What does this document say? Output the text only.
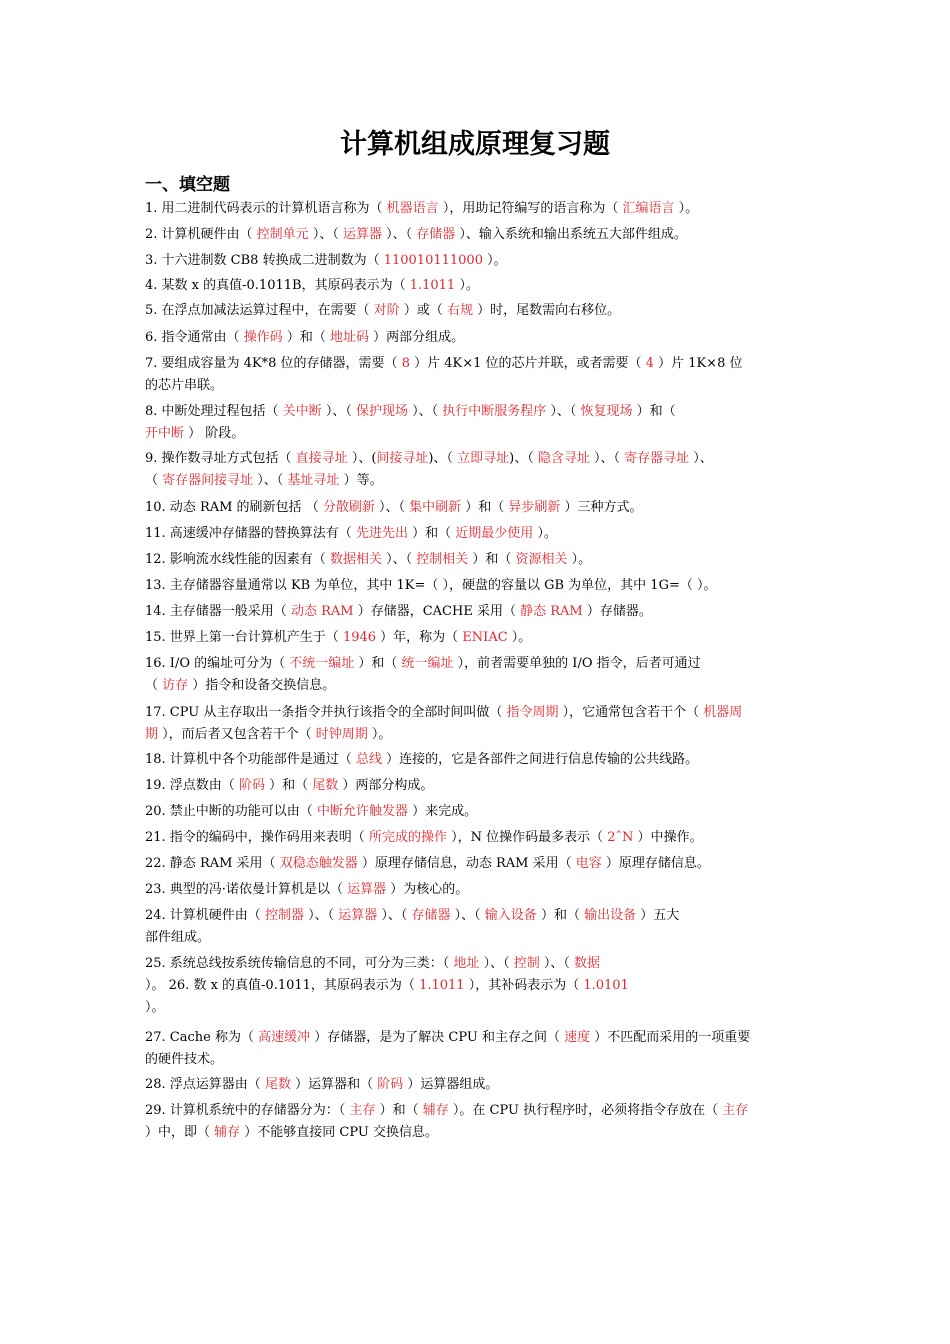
计算机组成原理复习题
一、填空题
1. 用二进制代码表示的计算机语言称为（ 机器语言 ），用助记符编写的语言称为（ 汇编语言 ）。
2. 计算机硬件由（ 控制单元 ）、（ 运算器 ）、（ 存储器 ）、输入系统和输出系统五大部件组成。
3. 十六进制数 CB8 转换成二进制数为（ 110010111000 ）。
4. 某数 x 的真值-0.1011B，其原码表示为（ 1.1011 ）。
5. 在浮点加减法运算过程中，在需要（ 对阶 ）或（ 右规 ）时，尾数需向右移位。
6. 指令通常由（ 操作码 ）和（ 地址码 ）两部分组成。
7. 要组成容量为 4K*8 位的存储器，需要（ 8 ）片 4K×1 位的芯片并联，或者需要（ 4 ）片 1K×8 位
的芯片串联。
8. 中断处理过程包括（ 关中断 ）、（ 保护现场 ）、（ 执行中断服务程序 ）、（ 恢复现场 ）和（
开中断 ） 阶段。
9. 操作数寻址方式包括（ 直接寻址 ）、(间接寻址)、（ 立即寻址)、（ 隐含寻址 ）、（ 寄存器寻址 ）、
（ 寄存器间接寻址 ）、（ 基址寻址 ）等。
10. 动态 RAM 的刷新包括 （ 分散刷新 ）、（ 集中刷新 ）和（ 异步刷新 ）三种方式。
11. 高速缓冲存储器的替换算法有（ 先进先出 ）和（ 近期最少使用 ）。
12. 影响流水线性能的因素有（ 数据相关 ）、（ 控制相关 ）和（ 资源相关 ）。
13. 主存储器容量通常以 KB 为单位，其中 1K=（ ），硬盘的容量以 GB 为单位，其中 1G=（ ）。
14. 主存储器一般采用（ 动态 RAM ）存储器，CACHE 采用（ 静态 RAM ）存储器。
15. 世界上第一台计算机产生于（ 1946 ）年，称为（ ENIAC ）。
16. I/O 的编址可分为（ 不统一编址 ）和（ 统一编址 ），前者需要单独的 I/O 指令，后者可通过
（ 访存 ）指令和设备交换信息。
17. CPU 从主存取出一条指令并执行该指令的全部时间叫做（ 指令周期 ），它通常包含若干个（ 机器周
期 ），而后者又包含若干个（ 时钟周期 ）。
18. 计算机中各个功能部件是通过（ 总线 ）连接的，它是各部件之间进行信息传输的公共线路。
19. 浮点数由（ 阶码 ）和（ 尾数 ）两部分构成。
20. 禁止中断的功能可以由（ 中断允许触发器 ）来完成。
21. 指令的编码中，操作码用来表明（ 所完成的操作 ），N 位操作码最多表示（ 2ˆN ）中操作。
22. 静态 RAM 采用（ 双稳态触发器 ）原理存储信息，动态 RAM 采用（ 电容 ）原理存储信息。
23. 典型的冯·诺依曼计算机是以（ 运算器 ）为核心的。
24. 计算机硬件由（ 控制器 ）、（ 运算器 ）、（ 存储器 ）、（ 输入设备 ）和（ 输出设备 ）五大
部件组成。
25. 系统总线按系统传输信息的不同，可分为三类：（ 地址 ）、（ 控制 ）、（ 数据
）。 26. 数 x 的真值-0.1011，其原码表示为（ 1.1011 ），其补码表示为（ 1.0101
）。
27. Cache 称为（ 高速缓冲 ）存储器，是为了解决 CPU 和主存之间（ 速度 ）不匹配而采用的一项重要
的硬件技术。
28. 浮点运算器由（ 尾数 ）运算器和（ 阶码 ）运算器组成。
29. 计算机系统中的存储器分为：（ 主存 ）和（ 辅存 ）。在 CPU 执行程序时，必须将指令存放在（ 主存
）中，即（ 辅存 ）不能够直接同 CPU 交换信息。
